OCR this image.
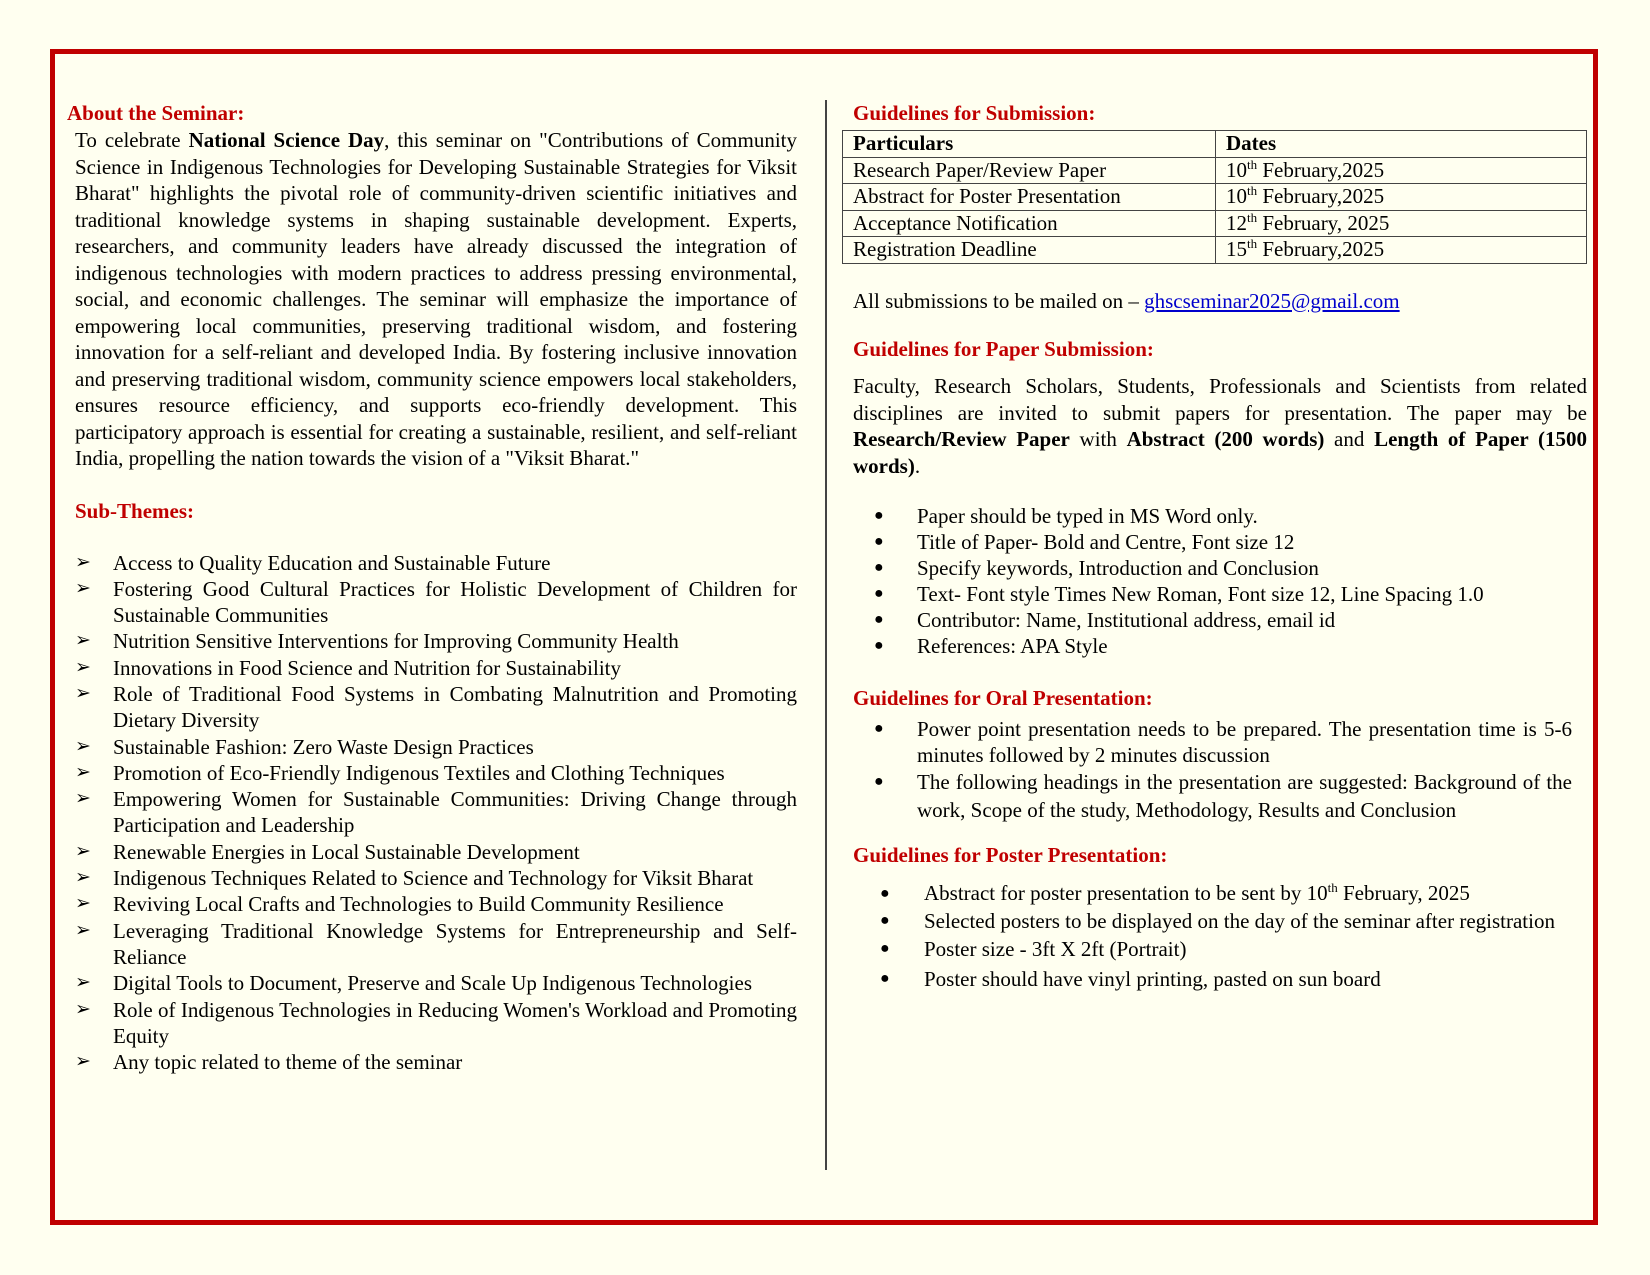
About the Seminar:
To celebrate National Science Day, this seminar on "Contributions of Community Science in Indigenous Technologies for Developing Sustainable Strategies for Viksit Bharat" highlights the pivotal role of community-driven scientific initiatives and traditional knowledge systems in shaping sustainable development. Experts, researchers, and community leaders have already discussed the integration of indigenous technologies with modern practices to address pressing environmental, social, and economic challenges. The seminar will emphasize the importance of empowering local communities, preserving traditional wisdom, and fostering innovation for a self-reliant and developed India. By fostering inclusive innovation and preserving traditional wisdom, community science empowers local stakeholders, ensures resource efficiency, and supports eco-friendly development. This participatory approach is essential for creating a sustainable, resilient, and self-reliant India, propelling the nation towards the vision of a "Viksit Bharat."
Sub-Themes:
➢ Access to Quality Education and Sustainable Future
➢ Fostering Good Cultural Practices for Holistic Development of Children for Sustainable Communities
➢ Nutrition Sensitive Interventions for Improving Community Health
➢ Innovations in Food Science and Nutrition for Sustainability
➢ Role of Traditional Food Systems in Combating Malnutrition and Promoting Dietary Diversity
➢ Sustainable Fashion: Zero Waste Design Practices
➢ Promotion of Eco-Friendly Indigenous Textiles and Clothing Techniques
➢ Empowering Women for Sustainable Communities: Driving Change through Participation and Leadership
➢ Renewable Energies in Local Sustainable Development
➢ Indigenous Techniques Related to Science and Technology for Viksit Bharat
➢ Reviving Local Crafts and Technologies to Build Community Resilience
➢ Leveraging Traditional Knowledge Systems for Entrepreneurship and Self-Reliance
➢ Digital Tools to Document, Preserve and Scale Up Indigenous Technologies
➢ Role of Indigenous Technologies in Reducing Women's Workload and Promoting Equity
➢ Any topic related to theme of the seminar
Guidelines for Submission:
Particulars	Dates
Research Paper/Review Paper	10th February,2025
Abstract for Poster Presentation	10th February,2025
Acceptance Notification	12th February, 2025
Registration Deadline	15th February,2025
All submissions to be mailed on – ghscseminar2025@gmail.com
Guidelines for Paper Submission:
Faculty, Research Scholars, Students, Professionals and Scientists from related disciplines are invited to submit papers for presentation. The paper may be Research/Review Paper with Abstract (200 words) and Length of Paper (1500 words).
● Paper should be typed in MS Word only.
● Title of Paper- Bold and Centre, Font size 12
● Specify keywords, Introduction and Conclusion
● Text- Font style Times New Roman, Font size 12, Line Spacing 1.0
● Contributor: Name, Institutional address, email id
● References: APA Style
Guidelines for Oral Presentation:
● Power point presentation needs to be prepared. The presentation time is 5-6 minutes followed by 2 minutes discussion
● The following headings in the presentation are suggested: Background of the work, Scope of the study, Methodology, Results and Conclusion
Guidelines for Poster Presentation:
● Abstract for poster presentation to be sent by 10th February, 2025
● Selected posters to be displayed on the day of the seminar after registration
● Poster size - 3ft X 2ft (Portrait)
● Poster should have vinyl printing, pasted on sun board
